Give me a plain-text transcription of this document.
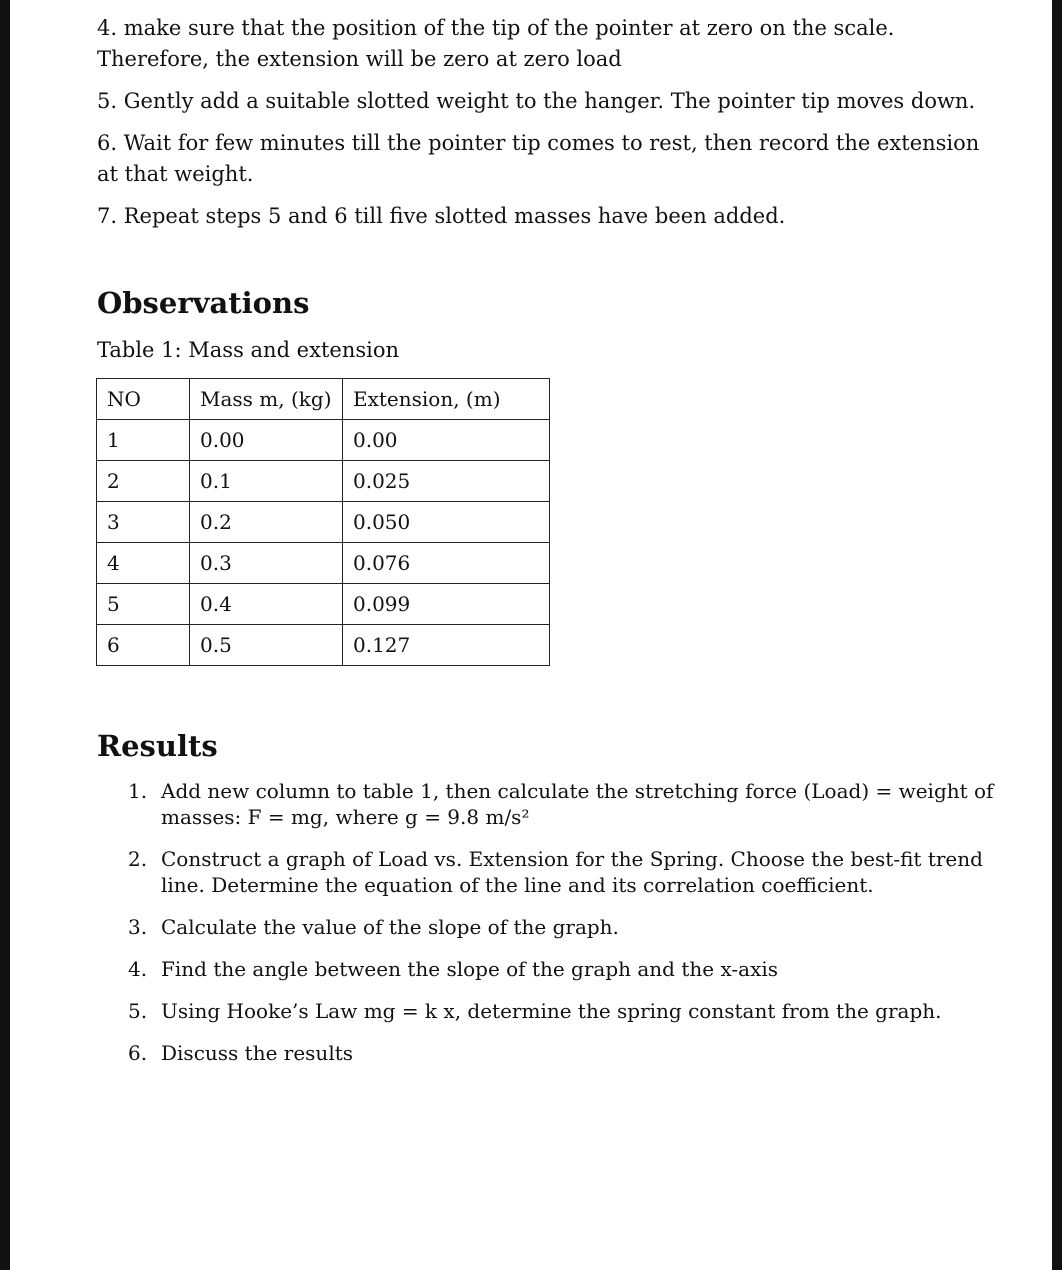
4. make sure that the position of the tip of the pointer at zero on the scale. Therefore, the extension will be zero at zero load

5. Gently add a suitable slotted weight to the hanger. The pointer tip moves down.

6. Wait for few minutes till the pointer tip comes to rest, then record the extension at that weight.

7. Repeat steps 5 and 6 till five slotted masses have been added.

Observations

Table 1: Mass and extension

NO	Mass m, (kg)	Extension, (m)
1	0.00	0.00
2	0.1	0.025
3	0.2	0.050
4	0.3	0.076
5	0.4	0.099
6	0.5	0.127
Results
1. Add new column to table 1, then calculate the stretching force (Load) = weight of masses: F = mg, where g = 9.8 m/s²
2. Construct a graph of Load vs. Extension for the Spring. Choose the best-fit trend line. Determine the equation of the line and its correlation coefficient.
3. Calculate the value of the slope of the graph.
4. Find the angle between the slope of the graph and the x-axis
5. Using Hooke’s Law mg = k x, determine the spring constant from the graph.
6. Discuss the results
